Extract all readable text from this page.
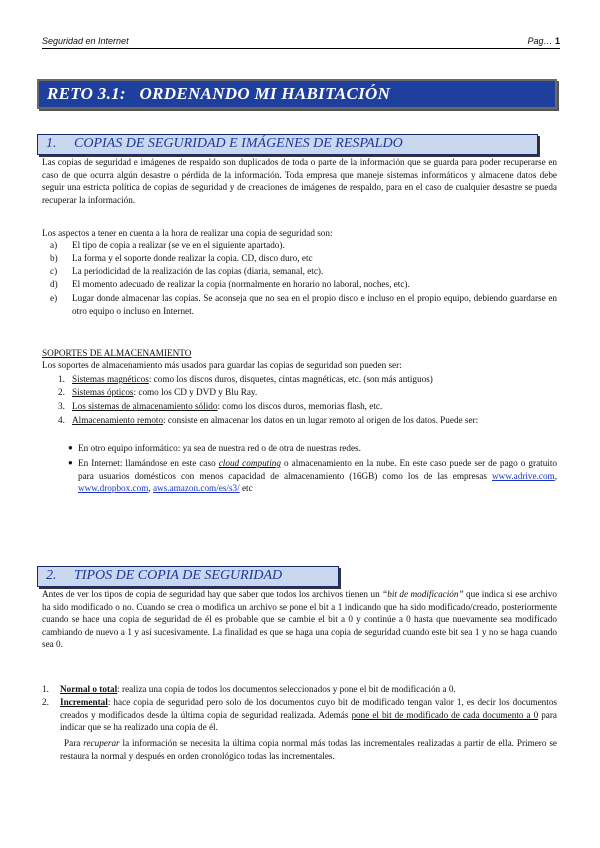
Seguridad en Internet	Pag… 1
RETO 3.1:   ORDENANDO MI HABITACIÓN
1.     COPIAS DE SEGURIDAD E IMÁGENES DE RESPALDO
Las copias de seguridad e imágenes de respaldo son duplicados de toda o parte de la información que se guarda para poder recuperarse en caso de que ocurra algún desastre o pérdida de la información. Toda empresa que maneje sistemas informáticos y almacene datos debe seguir una estricta política de copias de seguridad y de creaciones de imágenes de respaldo, para en el caso de cualquier desastre se pueda recuperar la información.
Los aspectos a tener en cuenta a la hora de realizar una copia de seguridad son:
a) El tipo de copia a realizar (se ve en el siguiente apartado).
b) La forma y el soporte donde realizar la copia. CD, disco duro, etc
c) La periodicidad de la realización de las copias (diaria, semanal, etc).
d) El momento adecuado de realizar la copia (normalmente en horario no laboral, noches, etc).
e) Lugar donde almacenar las copias. Se aconseja que no sea en el propio disco e incluso en el propio equipo, debiendo guardarse en otro equipo o incluso en Internet.
SOPORTES DE ALMACENAMIENTO
Los soportes de almacenamiento más usados para guardar las copias de seguridad son pueden ser:
1. Sistemas magnéticos: como los discos duros, disquetes, cintas magnéticas, etc. (son más antiguos)
2. Sistemas ópticos: como los CD y DVD y Blu Ray.
3. Los sistemas de almacenamiento sólido: como los discos duros, memorias flash, etc.
4. Almacenamiento remoto: consiste en almacenar los datos en un lugar remoto al origen de los datos. Puede ser:
● En otro equipo informático: ya sea de nuestra red o de otra de nuestras redes.
● En Internet: llamándose en este caso cloud computing o almacenamiento en la nube. En este caso puede ser de pago o gratuito para usuarios domésticos con menos capacidad de almacenamiento (16GB) como los de las empresas www.adrive.com, www.dropbox.com, aws.amazon.com/es/s3/ etc
2.     TIPOS DE COPIA DE SEGURIDAD
Antes de ver los tipos de copia de seguridad hay que saber que todos los archivos tienen un “bit de modificación” que indica si ese archivo ha sido modificado o no. Cuando se crea o modifica un archivo se pone el bit a 1 indicando que ha sido modificado/creado, posteriormente cuando se hace una copia de seguridad de él es probable que se cambie el bit a 0 y continúe a 0 hasta que nuevamente sea modificado cambiando de nuevo a 1 y así sucesivamente. La finalidad es que se haga una copia de seguridad cuando este bit sea 1 y no se haga cuando sea 0.
1. Normal o total: realiza una copia de todos los documentos seleccionados y pone el bit de modificación a 0.
2. Incremental: hace copia de seguridad pero solo de los documentos cuyo bit de modificado tengan valor 1, es decir los documentos creados y modificados desde la última copia de seguridad realizada. Además pone el bit de modificado de cada documento a 0 para indicar que se ha realizado una copia de él.
Para recuperar la información se necesita la última copia normal más todas las incrementales realizadas a partir de ella. Primero se restaura la normal y después en orden cronológico todas las incrementales.
